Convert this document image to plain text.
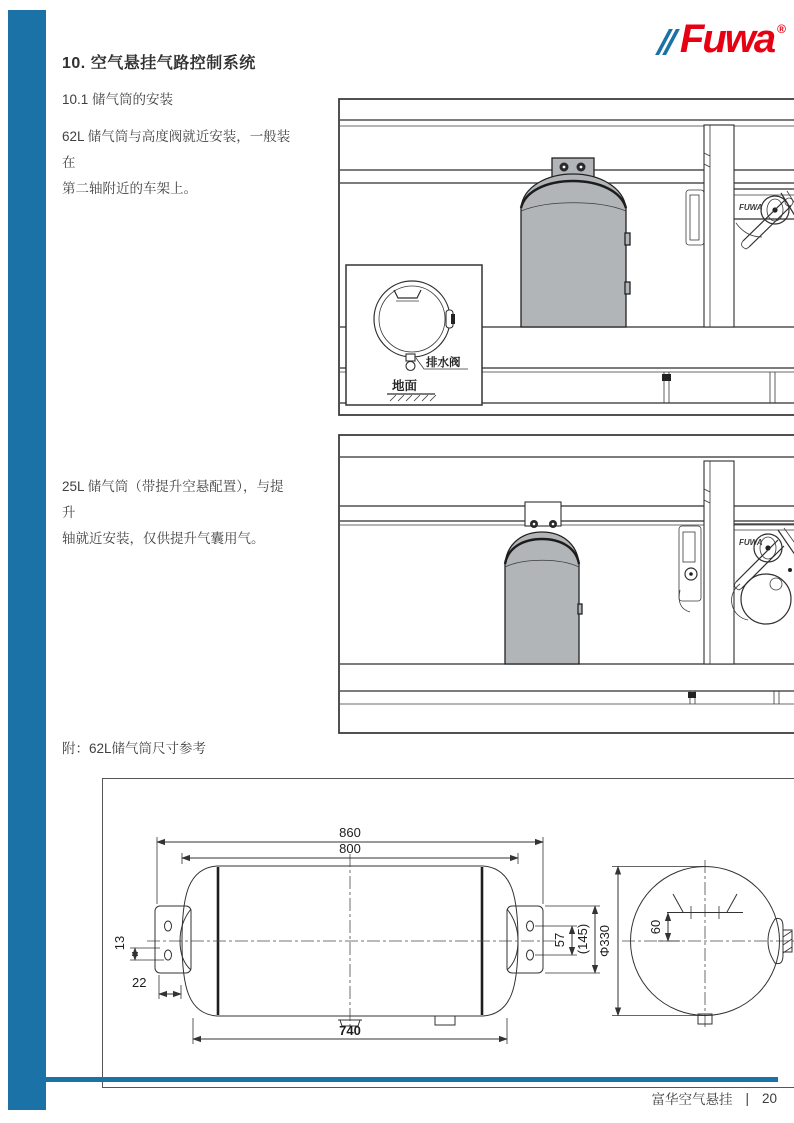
Fuwa ®
10. 空气悬挂气路控制系统
10.1 储气筒的安装

62L 储气筒与高度阀就近安装，一般装在
第二轴附近的车架上。

FUWA
排水阀
地面

25L 储气筒（带提升空悬配置），与提升
轴就近安装，仅供提升气囊用气。	FUWA
附：62L储气筒尺寸参考
860
800
740
13
22
57 (145) Φ330	60
富华空气悬挂 | 20
